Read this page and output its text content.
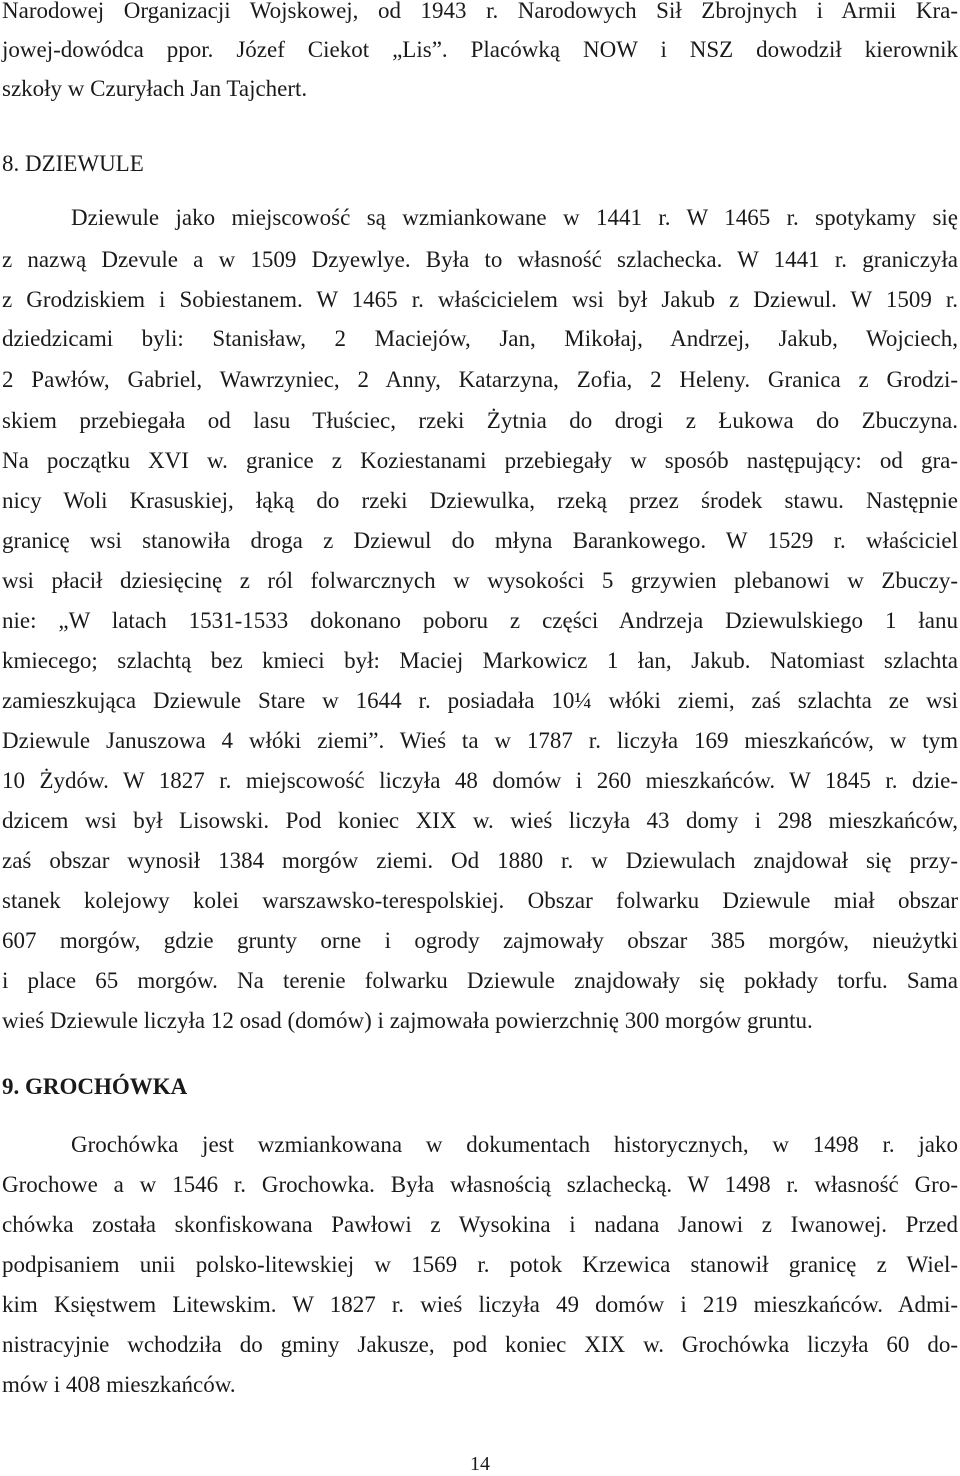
Narodowej Organizacji Wojskowej, od 1943 r. Narodowych Sił Zbrojnych i Armii Kra-
jowej-dowódca ppor. Józef Ciekot „Lis”. Placówką NOW i NSZ dowodził kierownik
szkoły w Czuryłach Jan Tajchert.
8. DZIEWULE
Dziewule jako miejscowość są wzmiankowane w 1441 r. W 1465 r. spotykamy się
z nazwą Dzevule a w 1509 Dzyewlye. Była to własność szlachecka. W 1441 r. graniczyła
z Grodziskiem i Sobiestanem. W 1465 r. właścicielem wsi był Jakub z Dziewul. W 1509 r.
dziedzicami byli: Stanisław, 2 Maciejów, Jan, Mikołaj, Andrzej, Jakub, Wojciech,
2 Pawłów, Gabriel, Wawrzyniec, 2 Anny, Katarzyna, Zofia, 2 Heleny. Granica z Grodzi-
skiem przebiegała od lasu Tłuściec, rzeki Żytnia do drogi z Łukowa do Zbuczyna.
Na początku XVI w. granice z Koziestanami przebiegały w sposób następujący: od gra-
nicy Woli Krasuskiej, łąką do rzeki Dziewulka, rzeką przez środek stawu. Następnie
granicę wsi stanowiła droga z Dziewul do młyna Barankowego. W 1529 r. właściciel
wsi płacił dziesięcinę z ról folwarcznych w wysokości 5 grzywien plebanowi w Zbuczy-
nie: „W latach 1531-1533 dokonano poboru z części Andrzeja Dziewulskiego 1 łanu
kmiecego; szlachtą bez kmieci był: Maciej Markowicz 1 łan, Jakub. Natomiast szlachta
zamieszkująca Dziewule Stare w 1644 r. posiadała 10¼ włóki ziemi, zaś szlachta ze wsi
Dziewule Januszowa 4 włóki ziemi”. Wieś ta w 1787 r. liczyła 169 mieszkańców, w tym
10 Żydów. W 1827 r. miejscowość liczyła 48 domów i 260 mieszkańców. W 1845 r. dzie-
dzicem wsi był Lisowski. Pod koniec XIX w. wieś liczyła 43 domy i 298 mieszkańców,
zaś obszar wynosił 1384 morgów ziemi. Od 1880 r. w Dziewulach znajdował się przy-
stanek kolejowy kolei warszawsko-terespolskiej. Obszar folwarku Dziewule miał obszar
607 morgów, gdzie grunty orne i ogrody zajmowały obszar 385 morgów, nieużytki
i place 65 morgów. Na terenie folwarku Dziewule znajdowały się pokłady torfu. Sama
wieś Dziewule liczyła 12 osad (domów) i zajmowała powierzchnię 300 morgów gruntu.
9. GROCHÓWKA
Grochówka jest wzmiankowana w dokumentach historycznych, w 1498 r. jako
Grochowe a w 1546 r. Grochowka. Była własnością szlachecką. W 1498 r. własność Gro-
chówka została skonfiskowana Pawłowi z Wysokina i nadana Janowi z Iwanowej. Przed
podpisaniem unii polsko-litewskiej w 1569 r. potok Krzewica stanowił granicę z Wiel-
kim Księstwem Litewskim. W 1827 r. wieś liczyła 49 domów i 219 mieszkańców. Admi-
nistracyjnie wchodziła do gminy Jakusze, pod koniec XIX w. Grochówka liczyła 60 do-
mów i 408 mieszkańców.
14
